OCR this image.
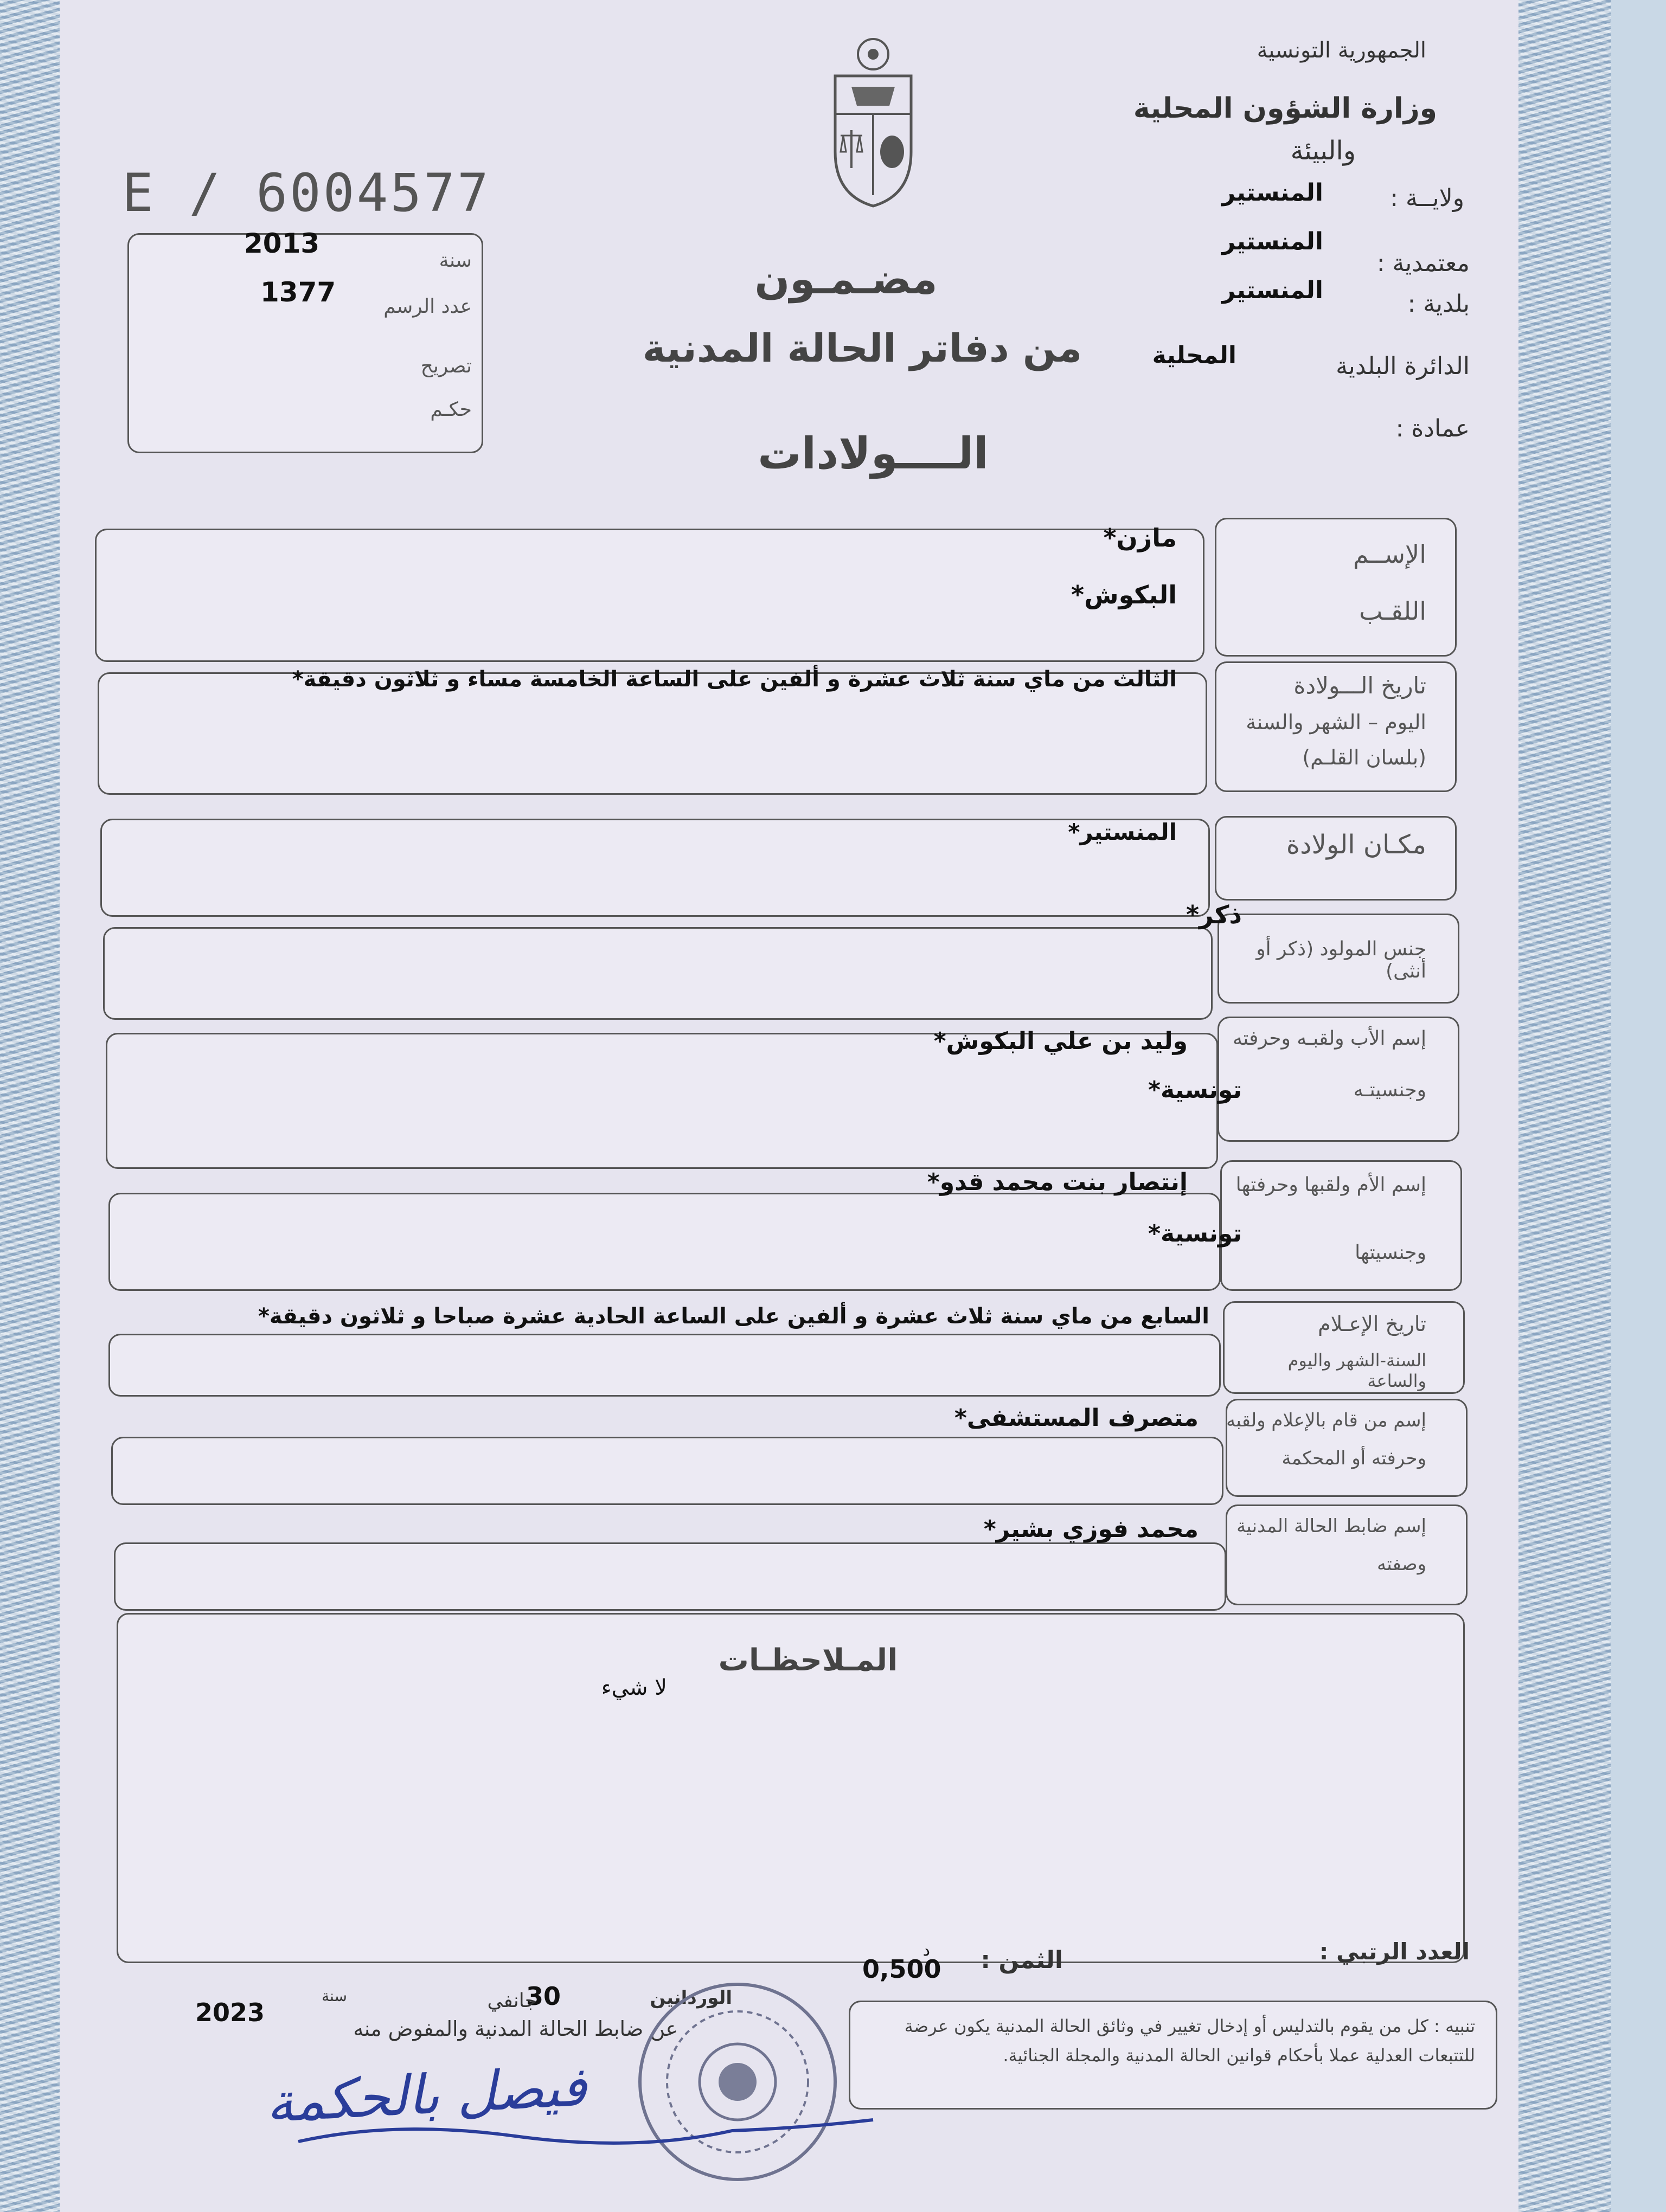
الجمهورية التونسية
وزارة الشؤون المحلية
والبيئة
ولايــة :
المنستير
معتمدية :
المنستير
بلدية :
المنستير
الدائرة البلدية
المحلية
عمادة :
E / 6004577
سنة
2013
عدد الرسم
1377
تصريح
حكـم
مضـمـون
من دفاتر الحالة المدنية
الــــولادات
الإســم
اللقـب
مازن*
البكوش*
تاريخ الـــولادة
اليوم – الشهر والسنة
(بلسان القلـم)
الثالث من ماي سنة ثلاث عشرة و ألفين على الساعة الخامسة مساء و ثلاثون دقيقة*
مكـان الولادة
المنستير*
جنس المولود (ذكر أو أنثى)
ذكر*
إسم الأب ولقبـه وحرفته
وجنسيتـه
وليد بن علي البكوش*
تونسية*
إسم الأم ولقبها وحرفتها
وجنسيتها
إنتصار بنت محمد قدو*
تونسية*
تاريخ الإعـلام
السنة-الشهر واليوم والساعة
السابع من ماي سنة ثلاث عشرة و ألفين على الساعة الحادية عشرة صباحا و ثلاثون دقيقة*
إسم من قام بالإعلام ولقبه
وحرفته أو المحكمة
متصرف المستشفى*
إسم ضابط الحالة المدنية
وصفته
محمد فوزي بشير*
المـلاحظـات
لا شيء
العدد الرتبي :
الثمن :
0,500
د
الوردانين
30
جانفي
سنة
2023
عن ضابط الحالة المدنية والمفوض منه
فيصل بالحكمة
تنبيه : كل من يقوم بالتدليس أو إدخال تغيير في وثائق الحالة المدنية يكون عرضة للتتبعات العدلية عملا بأحكام قوانين الحالة المدنية والمجلة الجنائية.
